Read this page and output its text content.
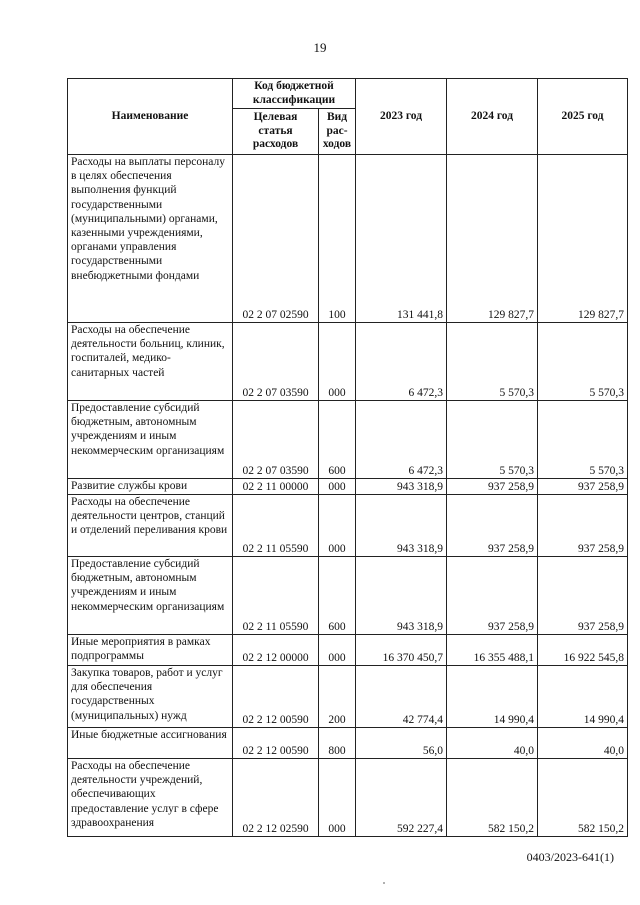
19
Наименование	Код бюджетной классификации		2023 год	2024 год	2025 год
	Целевая статья расходов	Вид рас-ходов			
Расходы на выплаты персоналу в целях обеспечения выполнения функций государственными (муниципальными) органами, казенными учреждениями, органами управления государственными внебюджетными фондами	02 2 07 02590	100	131 441,8	129 827,7	129 827,7
Расходы на обеспечение деятельности больниц, клиник, госпиталей, медико-санитарных частей	02 2 07 03590	000	6 472,3	5 570,3	5 570,3
Предоставление субсидий бюджетным, автономным учреждениям и иным некоммерческим организациям	02 2 07 03590	600	6 472,3	5 570,3	5 570,3
Развитие службы крови	02 2 11 00000	000	943 318,9	937 258,9	937 258,9
Расходы на обеспечение деятельности центров, станций и отделений переливания крови	02 2 11 05590	000	943 318,9	937 258,9	937 258,9
Предоставление субсидий бюджетным, автономным учреждениям и иным некоммерческим организациям	02 2 11 05590	600	943 318,9	937 258,9	937 258,9
Иные мероприятия в рамках подпрограммы	02 2 12 00000	000	16 370 450,7	16 355 488,1	16 922 545,8
Закупка товаров, работ и услуг для обеспечения государственных (муниципальных) нужд	02 2 12 00590	200	42 774,4	14 990,4	14 990,4
Иные бюджетные ассигнования	02 2 12 00590	800	56,0	40,0	40,0
Расходы на обеспечение деятельности учреждений, обеспечивающих предоставление услуг в сфере здравоохранения	02 2 12 02590	000	592 227,4	582 150,2	582 150,2
0403/2023-641(1)
